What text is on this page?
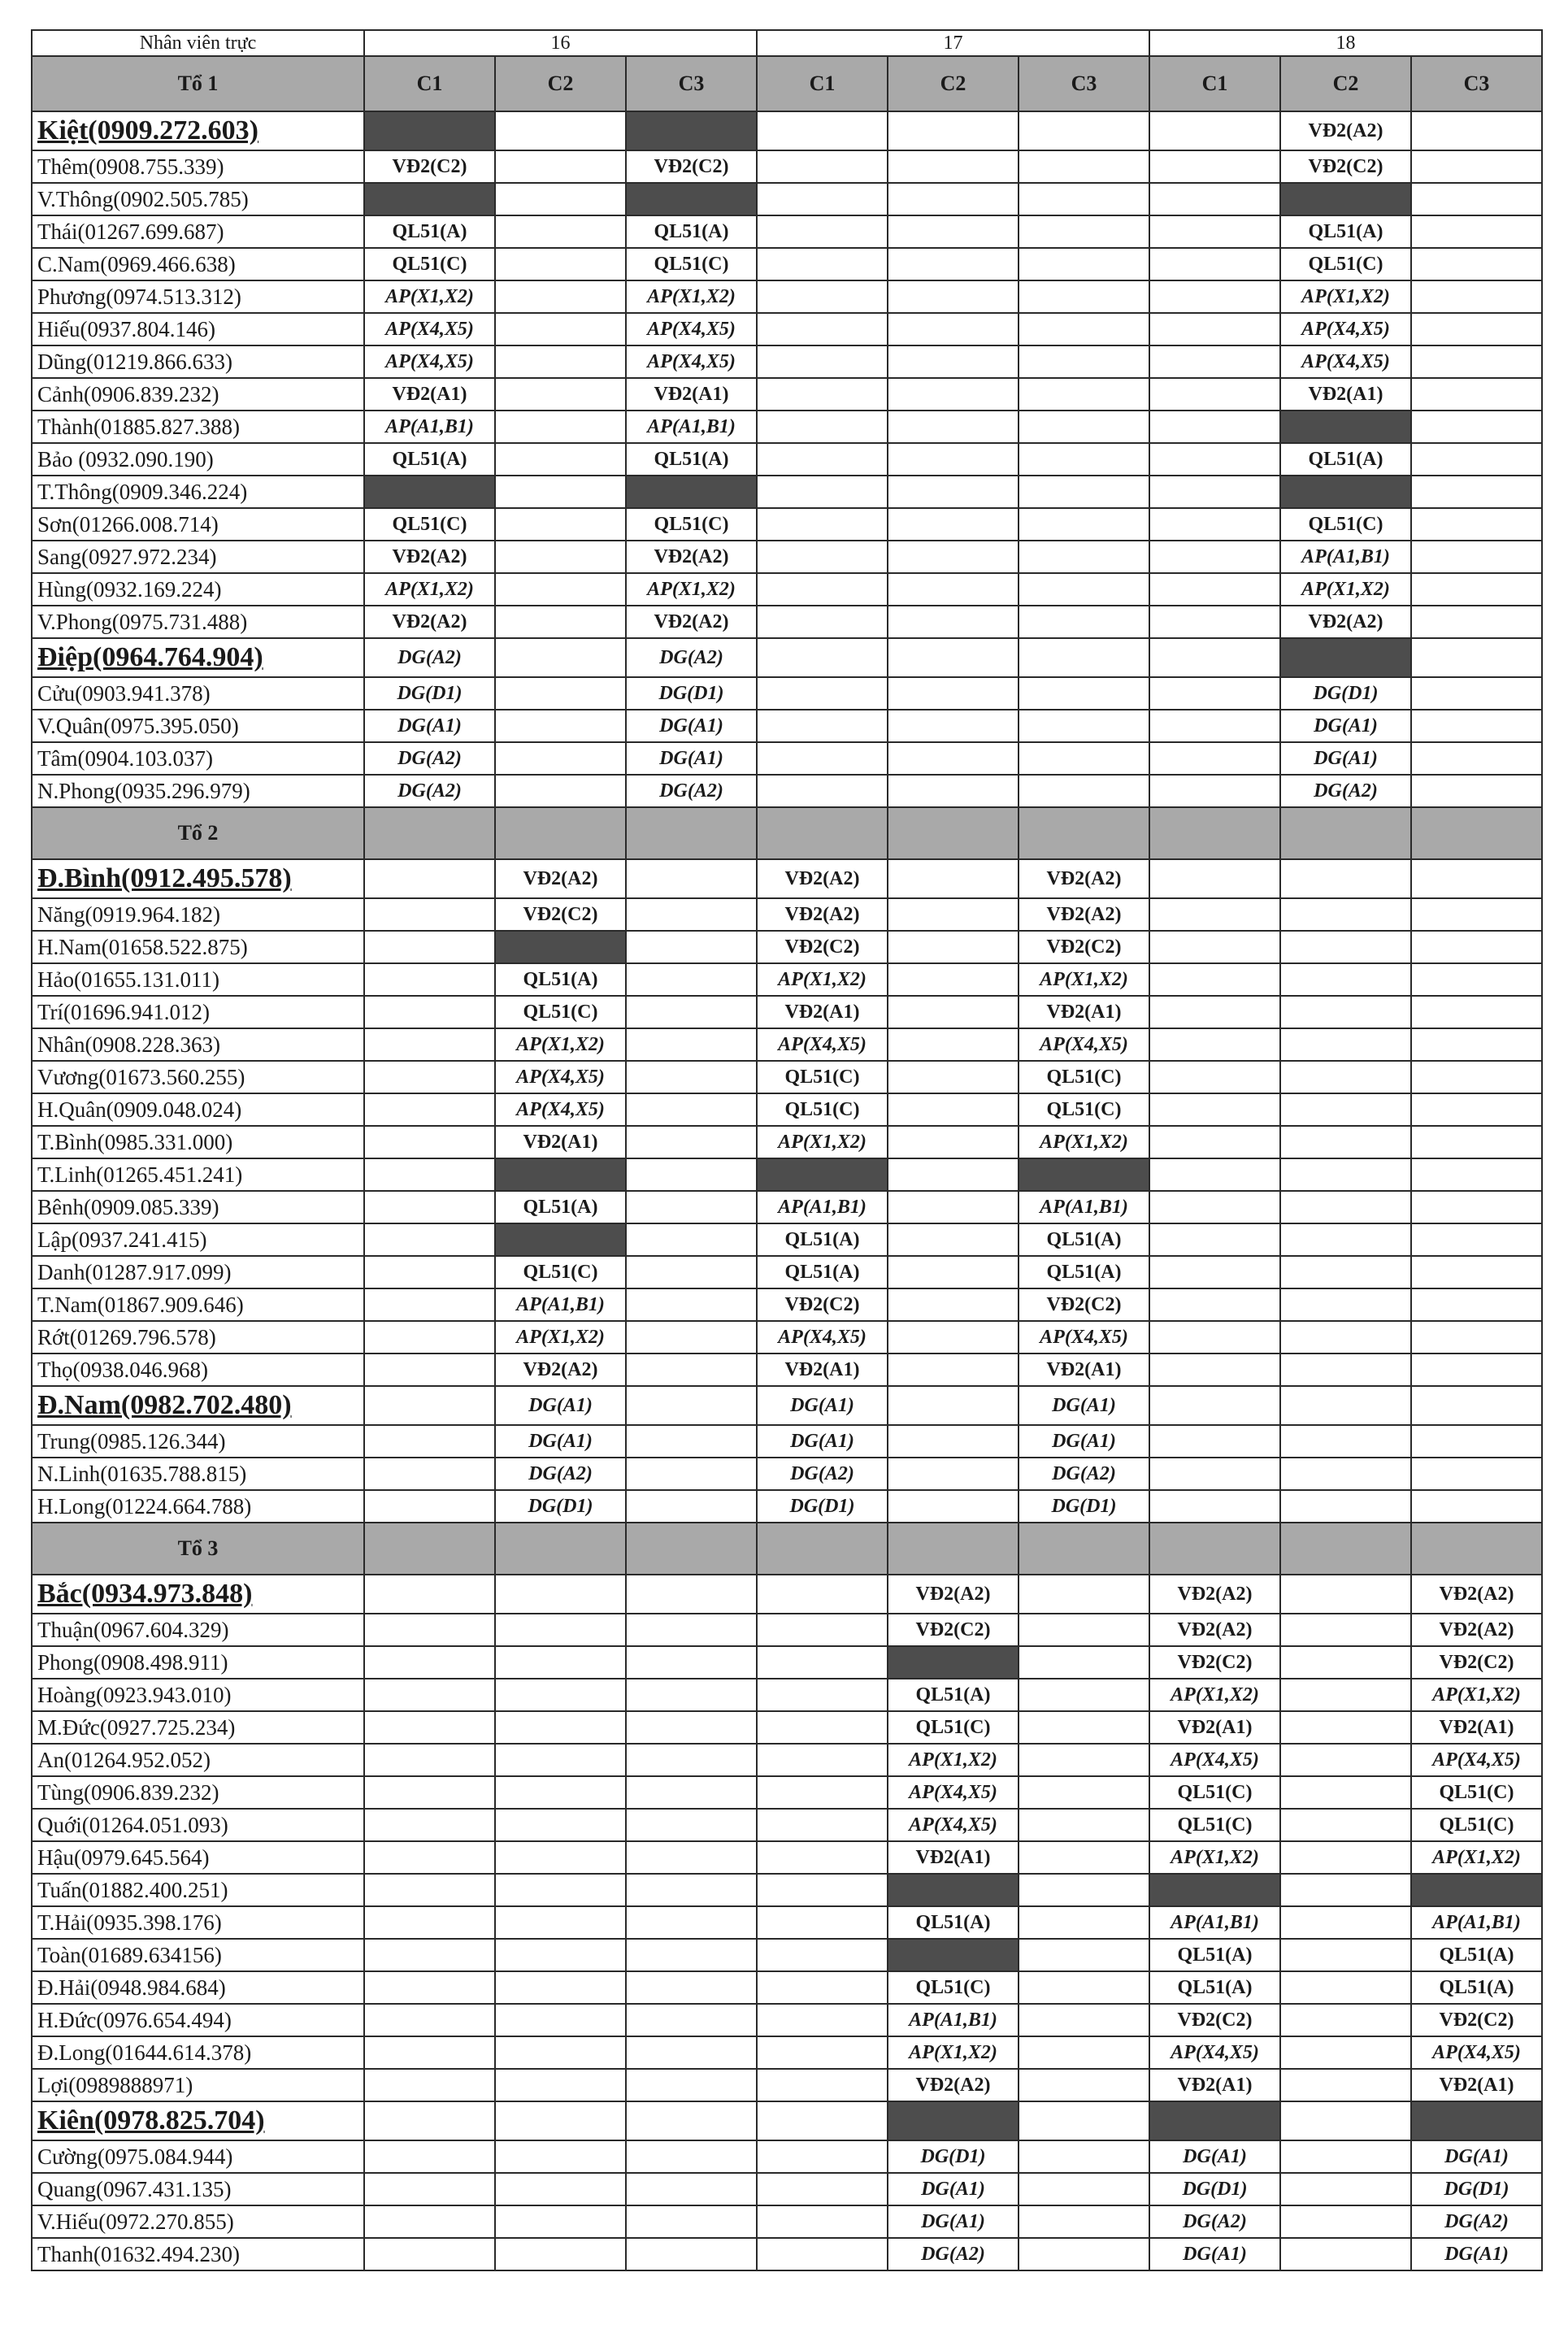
Nhân viên trực	16			17			18		
Tổ 1	C1	C2	C3	C1	C2	C3	C1	C2	C3
Kiệt(0909.272.603)								VĐ2(A2)	
Thêm(0908.755.339)	VĐ2(C2)		VĐ2(C2)					VĐ2(C2)	
V.Thông(0902.505.785)									
Thái(01267.699.687)	QL51(A)		QL51(A)					QL51(A)	
C.Nam(0969.466.638)	QL51(C)		QL51(C)					QL51(C)	
Phương(0974.513.312)	AP(X1,X2)		AP(X1,X2)					AP(X1,X2)	
Hiếu(0937.804.146)	AP(X4,X5)		AP(X4,X5)					AP(X4,X5)	
Dũng(01219.866.633)	AP(X4,X5)		AP(X4,X5)					AP(X4,X5)	
Cảnh(0906.839.232)	VĐ2(A1)		VĐ2(A1)					VĐ2(A1)	
Thành(01885.827.388)	AP(A1,B1)		AP(A1,B1)						
Bảo (0932.090.190)	QL51(A)		QL51(A)					QL51(A)	
T.Thông(0909.346.224)									
Sơn(01266.008.714)	QL51(C)		QL51(C)					QL51(C)	
Sang(0927.972.234)	VĐ2(A2)		VĐ2(A2)					AP(A1,B1)	
Hùng(0932.169.224)	AP(X1,X2)		AP(X1,X2)					AP(X1,X2)	
V.Phong(0975.731.488)	VĐ2(A2)		VĐ2(A2)					VĐ2(A2)	
Điệp(0964.764.904)	DG(A2)		DG(A2)						
Cửu(0903.941.378)	DG(D1)		DG(D1)					DG(D1)	
V.Quân(0975.395.050)	DG(A1)		DG(A1)					DG(A1)	
Tâm(0904.103.037)	DG(A2)		DG(A1)					DG(A1)	
N.Phong(0935.296.979)	DG(A2)		DG(A2)					DG(A2)	
Tổ 2									
Đ.Bình(0912.495.578)		VĐ2(A2)		VĐ2(A2)		VĐ2(A2)			
Năng(0919.964.182)		VĐ2(C2)		VĐ2(A2)		VĐ2(A2)			
H.Nam(01658.522.875)				VĐ2(C2)		VĐ2(C2)			
Hảo(01655.131.011)		QL51(A)		AP(X1,X2)		AP(X1,X2)			
Trí(01696.941.012)		QL51(C)		VĐ2(A1)		VĐ2(A1)			
Nhân(0908.228.363)		AP(X1,X2)		AP(X4,X5)		AP(X4,X5)			
Vương(01673.560.255)		AP(X4,X5)		QL51(C)		QL51(C)			
H.Quân(0909.048.024)		AP(X4,X5)		QL51(C)		QL51(C)			
T.Bình(0985.331.000)		VĐ2(A1)		AP(X1,X2)		AP(X1,X2)			
T.Linh(01265.451.241)									
Bênh(0909.085.339)		QL51(A)		AP(A1,B1)		AP(A1,B1)			
Lập(0937.241.415)				QL51(A)		QL51(A)			
Danh(01287.917.099)		QL51(C)		QL51(A)		QL51(A)			
T.Nam(01867.909.646)		AP(A1,B1)		VĐ2(C2)		VĐ2(C2)			
Rớt(01269.796.578)		AP(X1,X2)		AP(X4,X5)		AP(X4,X5)			
Thọ(0938.046.968)		VĐ2(A2)		VĐ2(A1)		VĐ2(A1)			
Đ.Nam(0982.702.480)		DG(A1)		DG(A1)		DG(A1)			
Trung(0985.126.344)		DG(A1)		DG(A1)		DG(A1)			
N.Linh(01635.788.815)		DG(A2)		DG(A2)		DG(A2)			
H.Long(01224.664.788)		DG(D1)		DG(D1)		DG(D1)			
Tổ 3									
Bắc(0934.973.848)					VĐ2(A2)		VĐ2(A2)		VĐ2(A2)
Thuận(0967.604.329)					VĐ2(C2)		VĐ2(A2)		VĐ2(A2)
Phong(0908.498.911)							VĐ2(C2)		VĐ2(C2)
Hoàng(0923.943.010)					QL51(A)		AP(X1,X2)		AP(X1,X2)
M.Đức(0927.725.234)					QL51(C)		VĐ2(A1)		VĐ2(A1)
An(01264.952.052)					AP(X1,X2)		AP(X4,X5)		AP(X4,X5)
Tùng(0906.839.232)					AP(X4,X5)		QL51(C)		QL51(C)
Quới(01264.051.093)					AP(X4,X5)		QL51(C)		QL51(C)
Hậu(0979.645.564)					VĐ2(A1)		AP(X1,X2)		AP(X1,X2)
Tuấn(01882.400.251)									
T.Hải(0935.398.176)					QL51(A)		AP(A1,B1)		AP(A1,B1)
Toàn(01689.634156)							QL51(A)		QL51(A)
Đ.Hải(0948.984.684)					QL51(C)		QL51(A)		QL51(A)
H.Đức(0976.654.494)					AP(A1,B1)		VĐ2(C2)		VĐ2(C2)
Đ.Long(01644.614.378)					AP(X1,X2)		AP(X4,X5)		AP(X4,X5)
Lợi(0989888971)					VĐ2(A2)		VĐ2(A1)		VĐ2(A1)
Kiên(0978.825.704)									
Cường(0975.084.944)					DG(D1)		DG(A1)		DG(A1)
Quang(0967.431.135)					DG(A1)		DG(D1)		DG(D1)
V.Hiếu(0972.270.855)					DG(A1)		DG(A2)		DG(A2)
Thanh(01632.494.230)					DG(A2)		DG(A1)		DG(A1)
